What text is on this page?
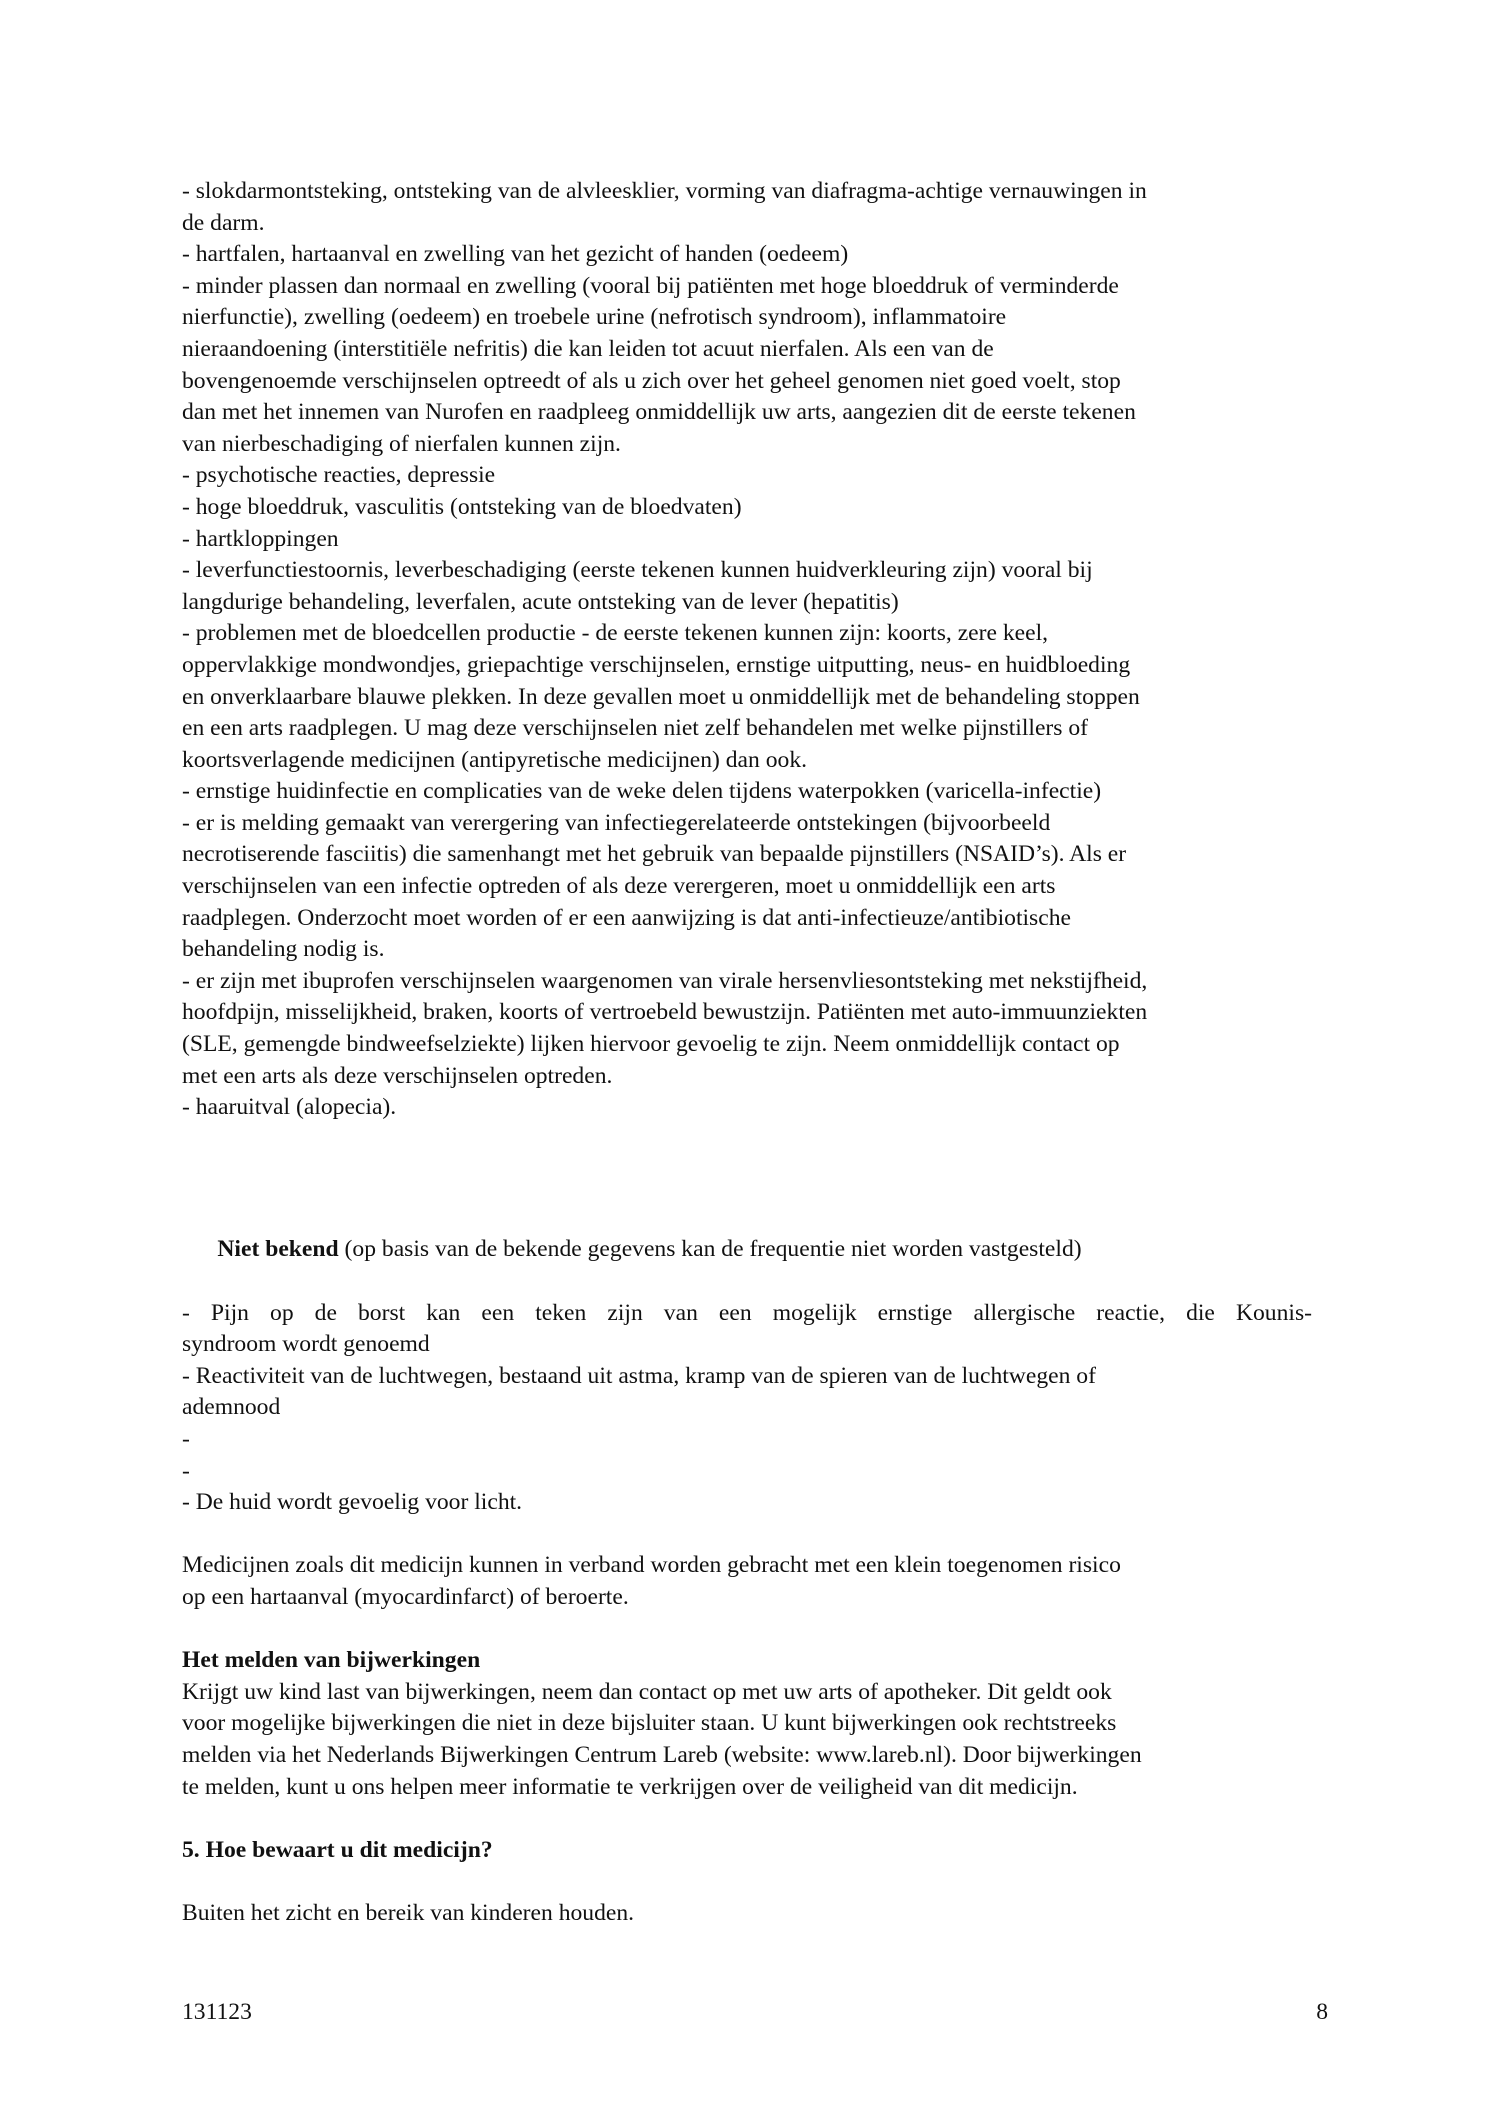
- slokdarmontsteking, ontsteking van de alvleesklier, vorming van diafragma-achtige vernauwingen in
de darm.
- hartfalen, hartaanval en zwelling van het gezicht of handen (oedeem)
- minder plassen dan normaal en zwelling (vooral bij patiënten met hoge bloeddruk of verminderde
nierfunctie), zwelling (oedeem) en troebele urine (nefrotisch syndroom), inflammatoire
nieraandoening (interstitiële nefritis) die kan leiden tot acuut nierfalen. Als een van de
bovengenoemde verschijnselen optreedt of als u zich over het geheel genomen niet goed voelt, stop
dan met het innemen van Nurofen en raadpleeg onmiddellijk uw arts, aangezien dit de eerste tekenen
van nierbeschadiging of nierfalen kunnen zijn.
- psychotische reacties, depressie
- hoge bloeddruk, vasculitis (ontsteking van de bloedvaten)
- hartkloppingen
- leverfunctiestoornis, leverbeschadiging (eerste tekenen kunnen huidverkleuring zijn) vooral bij
langdurige behandeling, leverfalen, acute ontsteking van de lever (hepatitis)
- problemen met de bloedcellen productie - de eerste tekenen kunnen zijn: koorts, zere keel,
oppervlakkige mondwondjes, griepachtige verschijnselen, ernstige uitputting, neus- en huidbloeding
en onverklaarbare blauwe plekken. In deze gevallen moet u onmiddellijk met de behandeling stoppen
en een arts raadplegen. U mag deze verschijnselen niet zelf behandelen met welke pijnstillers of
koortsverlagende medicijnen (antipyretische medicijnen) dan ook.
- ernstige huidinfectie en complicaties van de weke delen tijdens waterpokken (varicella-infectie)
- er is melding gemaakt van verergering van infectiegerelateerde ontstekingen (bijvoorbeeld
necrotiserende fasciitis) die samenhangt met het gebruik van bepaalde pijnstillers (NSAID’s). Als er
verschijnselen van een infectie optreden of als deze verergeren, moet u onmiddellijk een arts
raadplegen. Onderzocht moet worden of er een aanwijzing is dat anti-infectieuze/antibiotische
behandeling nodig is.
- er zijn met ibuprofen verschijnselen waargenomen van virale hersenvliesontsteking met nekstijfheid,
hoofdpijn, misselijkheid, braken, koorts of vertroebeld bewustzijn. Patiënten met auto-immuunziekten
(SLE, gemengde bindweefselziekte) lijken hiervoor gevoelig te zijn. Neem onmiddellijk contact op
met een arts als deze verschijnselen optreden.
- haaruitval (alopecia).

Niet bekend (op basis van de bekende gegevens kan de frequentie niet worden vastgesteld)

- Pijn op de borst kan een teken zijn van een mogelijk ernstige allergische reactie, die Kounis-
syndroom wordt genoemd
- Reactiviteit van de luchtwegen, bestaand uit astma, kramp van de spieren van de luchtwegen of
ademnood
-
-
- De huid wordt gevoelig voor licht.
Medicijnen zoals dit medicijn kunnen in verband worden gebracht met een klein toegenomen risico
op een hartaanval (myocardinfarct) of beroerte.
Het melden van bijwerkingen
Krijgt uw kind last van bijwerkingen, neem dan contact op met uw arts of apotheker. Dit geldt ook
voor mogelijke bijwerkingen die niet in deze bijsluiter staan. U kunt bijwerkingen ook rechtstreeks
melden via het Nederlands Bijwerkingen Centrum Lareb (website: www.lareb.nl). Door bijwerkingen
te melden, kunt u ons helpen meer informatie te verkrijgen over de veiligheid van dit medicijn.
5. Hoe bewaart u dit medicijn?
Buiten het zicht en bereik van kinderen houden.
131123	8
